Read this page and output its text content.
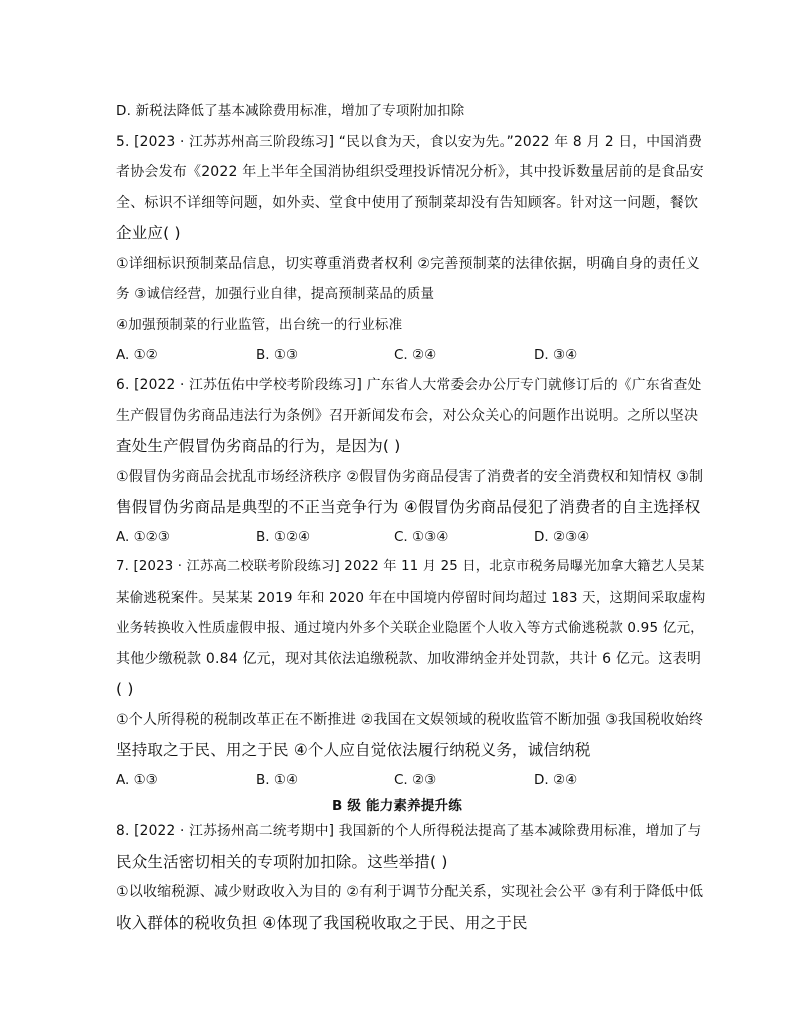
D. 新税法降低了基本减除费用标准，增加了专项附加扣除
5. [2023 · 江苏苏州高三阶段练习] “民以食为天，食以安为先。”2022 年 8 月 2 日，中国消费
者协会发布《2022 年上半年全国消协组织受理投诉情况分析》，其中投诉数量居前的是食品安
全、标识不详细等问题，如外卖、堂食中使用了预制菜却没有告知顾客。针对这一问题，餐饮
企业应( )
①详细标识预制菜品信息，切实尊重消费者权利 ②完善预制菜的法律依据，明确自身的责任义
务 ③诚信经营，加强行业自律，提高预制菜品的质量
④加强预制菜的行业监管，出台统一的行业标准
A. ①②	B. ①③	C. ②④	D. ③④
6. [2022 · 江苏伍佑中学校考阶段练习] 广东省人大常委会办公厅专门就修订后的《广东省查处
生产假冒伪劣商品违法行为条例》召开新闻发布会，对公众关心的问题作出说明。之所以坚决
查处生产假冒伪劣商品的行为，是因为( )
①假冒伪劣商品会扰乱市场经济秩序 ②假冒伪劣商品侵害了消费者的安全消费权和知情权 ③制
售假冒伪劣商品是典型的不正当竞争行为 ④假冒伪劣商品侵犯了消费者的自主选择权
A. ①②③	B. ①②④	C. ①③④	D. ②③④
7. [2023 · 江苏高二校联考阶段练习] 2022 年 11 月 25 日，北京市税务局曝光加拿大籍艺人吴某
某偷逃税案件。吴某某 2019 年和 2020 年在中国境内停留时间均超过 183 天，这期间采取虚构
业务转换收入性质虚假申报、通过境内外多个关联企业隐匿个人收入等方式偷逃税款 0.95 亿元，
其他少缴税款 0.84 亿元，现对其依法追缴税款、加收滞纳金并处罚款，共计 6 亿元。这表明
( )
①个人所得税的税制改革正在不断推进 ②我国在文娱领域的税收监管不断加强 ③我国税收始终
坚持取之于民、用之于民 ④个人应自觉依法履行纳税义务，诚信纳税
A. ①③	B. ①④	C. ②③	D. ②④
B 级 能力素养提升练
8. [2022 · 江苏扬州高二统考期中] 我国新的个人所得税法提高了基本减除费用标准，增加了与
民众生活密切相关的专项附加扣除。这些举措( )
①以收缩税源、减少财政收入为目的 ②有利于调节分配关系，实现社会公平 ③有利于降低中低
收入群体的税收负担 ④体现了我国税收取之于民、用之于民
